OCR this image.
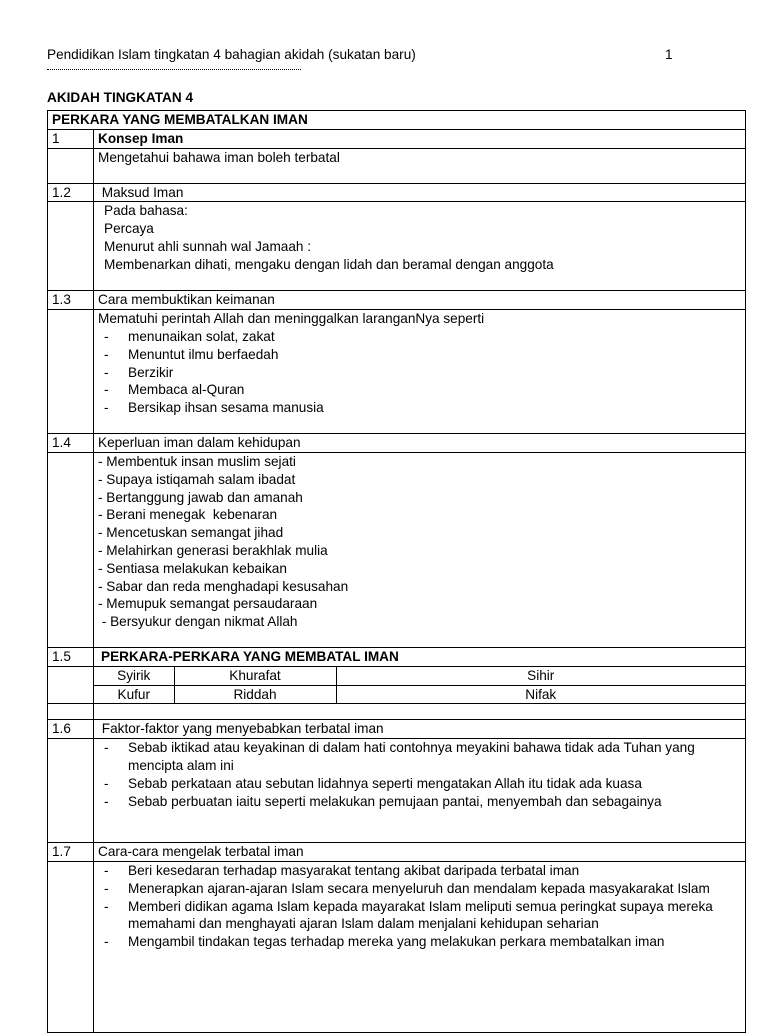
Pendidikan Islam tingkatan 4 bahagian akidah (sukatan baru)	1
AKIDAH TINGKATAN 4
PERKARA YANG MEMBATALKAN IMAN
1	Konsep Iman
	Mengetahui bahawa iman boleh terbatal
1.2	Maksud Iman

Pada bahasa:
Percaya
Menurut ahli sunnah wal Jamaah :
Membenarkan dihati, mengaku dengan lidah dan beramal dengan anggota

1.3	Cara membuktikan keimanan

Mematuhi perintah Allah dan meninggalkan laranganNya seperti
- menunaikan solat, zakat
- Menuntut ilmu berfaedah
- Berzikir
- Membaca al-Quran
- Bersikap ihsan sesama manusia

1.4	Keperluan iman dalam kehidupan

- Membentuk insan muslim sejati
- Supaya istiqamah salam ibadat
- Bertanggung jawab dan amanah
- Berani menegak  kebenaran
- Mencetuskan semangat jihad
- Melahirkan generasi berakhlak mulia
- Sentiasa melakukan kebaikan
- Sabar dan reda menghadapi kesusahan
- Memupuk semangat persaudaraan
- Bersyukur dengan nikmat Allah

1.5	PERKARA-PERKARA YANG MEMBATAL IMAN

Syirik	Khurafat	Sihir
Kufur	Riddah	Nifak

1.6	Faktor-faktor yang menyebabkan terbatal iman

- Sebab iktikad atau keyakinan di dalam hati contohnya meyakini bahawa tidak ada Tuhan yang mencipta alam ini
- Sebab perkataan atau sebutan lidahnya seperti mengatakan Allah itu tidak ada kuasa
- Sebab perbuatan iaitu seperti melakukan pemujaan pantai, menyembah dan sebagainya

1.7	Cara-cara mengelak terbatal iman

- Beri kesedaran terhadap masyarakat tentang akibat daripada terbatal iman
- Menerapkan ajaran-ajaran Islam secara menyeluruh dan mendalam kepada masyakarakat Islam
- Memberi didikan agama Islam kepada mayarakat Islam meliputi semua peringkat supaya mereka memahami dan menghayati ajaran Islam dalam menjalani kehidupan seharian
- Mengambil tindakan tegas terhadap mereka yang melakukan perkara membatalkan iman
